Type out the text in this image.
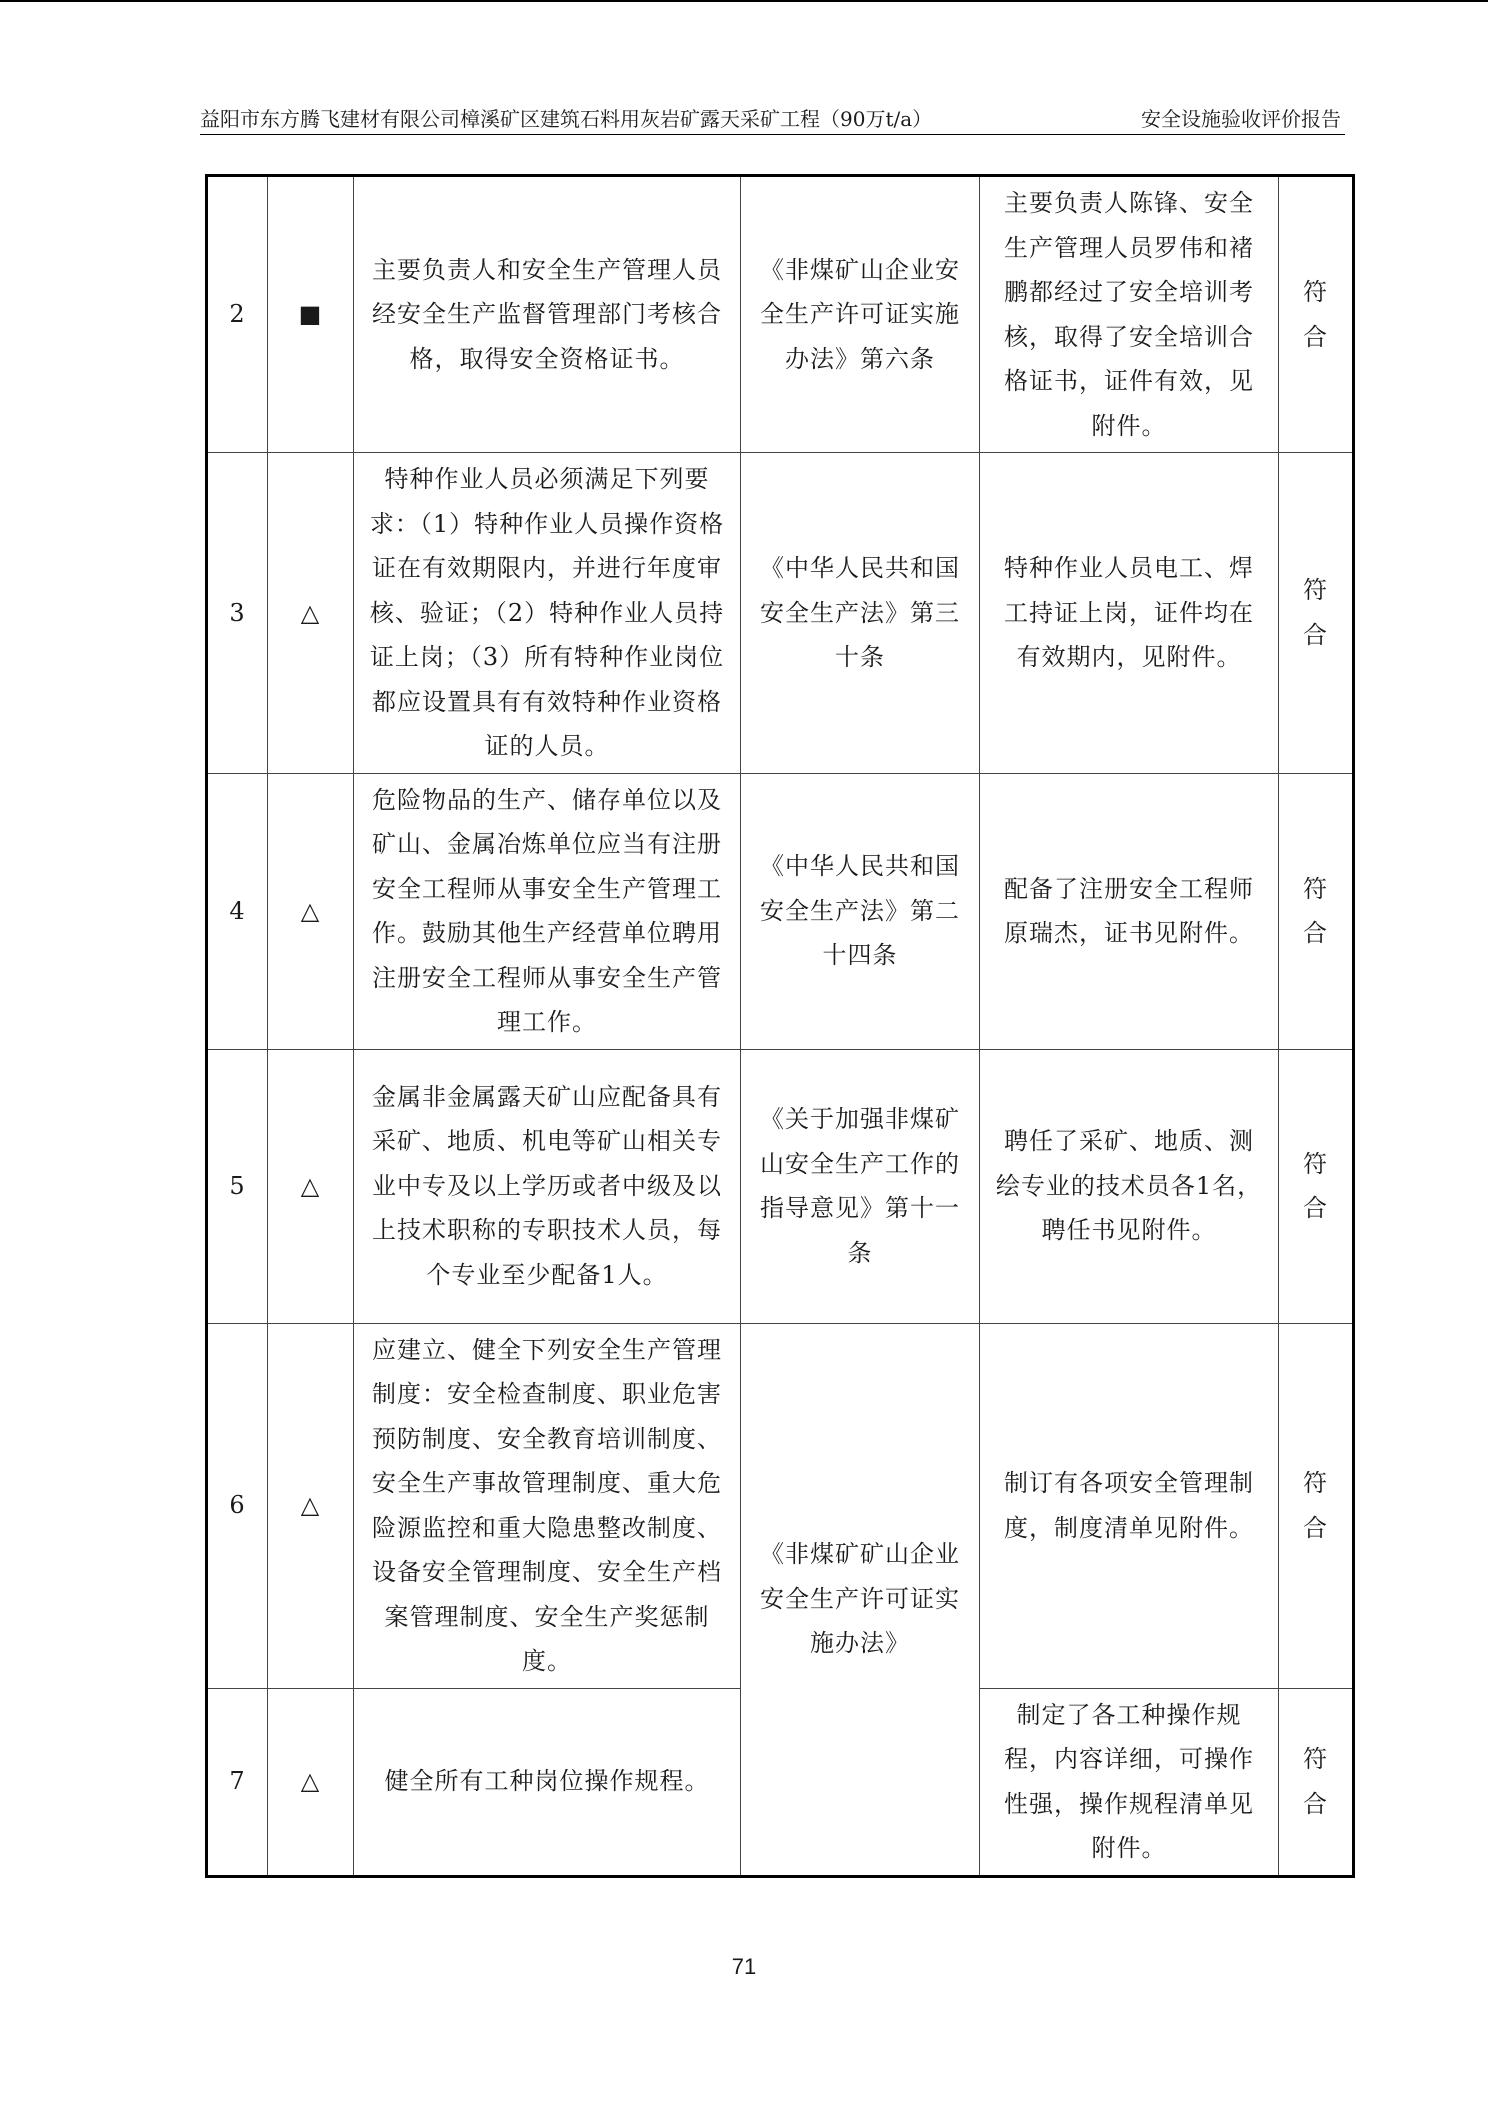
益阳市东方腾飞建材有限公司樟溪矿区建筑石料用灰岩矿露天采矿工程（90万t/a）	安全设施验收评价报告
2	■	主要负责人和安全生产管理人员经安全生产监督管理部门考核合格，取得安全资格证书。	《非煤矿山企业安全生产许可证实施办法》第六条	主要负责人陈锋、安全生产管理人员罗伟和褚鹏都经过了安全培训考核，取得了安全培训合格证书，证件有效，见附件。	符合
3	△	特种作业人员必须满足下列要求：（1）特种作业人员操作资格证在有效期限内，并进行年度审核、验证；（2）特种作业人员持证上岗；（3）所有特种作业岗位都应设置具有有效特种作业资格证的人员。	《中华人民共和国安全生产法》第三十条	特种作业人员电工、焊工持证上岗，证件均在有效期内，见附件。	符合
4	△	危险物品的生产、储存单位以及矿山、金属冶炼单位应当有注册安全工程师从事安全生产管理工作。鼓励其他生产经营单位聘用注册安全工程师从事安全生产管理工作。	《中华人民共和国安全生产法》第二十四条	配备了注册安全工程师原瑞杰，证书见附件。	符合
5	△	金属非金属露天矿山应配备具有采矿、地质、机电等矿山相关专业中专及以上学历或者中级及以上技术职称的专职技术人员，每个专业至少配备1人。	《关于加强非煤矿山安全生产工作的指导意见》第十一条	聘任了采矿、地质、测绘专业的技术员各1名，聘任书见附件。	符合
6	△	应建立、健全下列安全生产管理制度：安全检查制度、职业危害预防制度、安全教育培训制度、安全生产事故管理制度、重大危险源监控和重大隐患整改制度、设备安全管理制度、安全生产档案管理制度、安全生产奖惩制度。	《非煤矿矿山企业安全生产许可证实施办法》	制订有各项安全管理制度，制度清单见附件。	符合
7	△	健全所有工种岗位操作规程。		制定了各工种操作规程，内容详细，可操作性强，操作规程清单见附件。	符合
71
